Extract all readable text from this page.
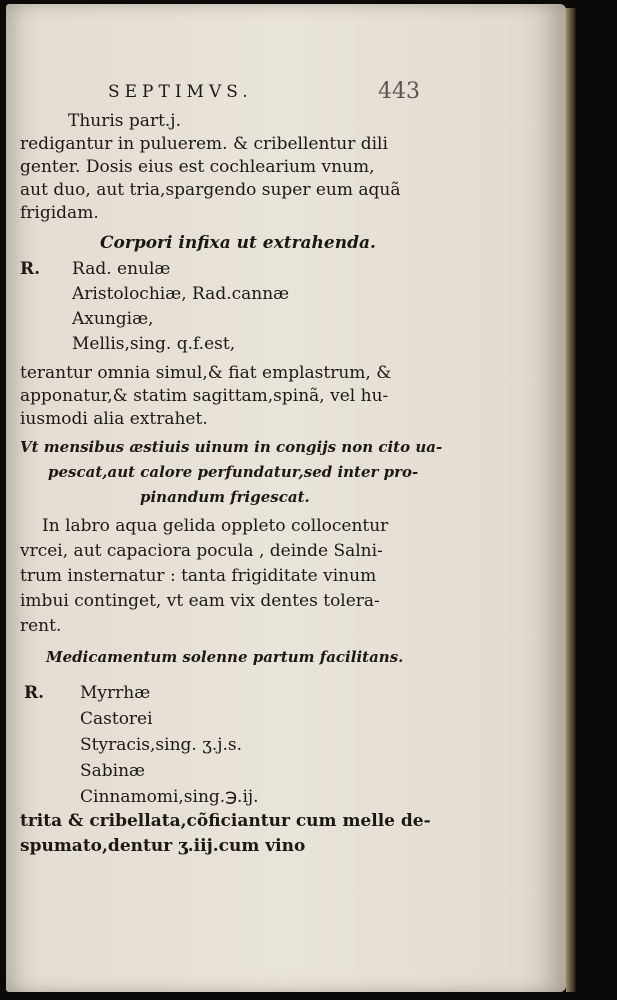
SEPTIMVS.	443
Thuris part.j.
redigantur in puluerem. & cribellentur dili
genter. Dosis eius est cochlearium vnum,
aut duo, aut tria,spargendo super eum aquã
frigidam.
Corpori infixa ut extrahenda.
R. Rad. enulæ
Aristolochiæ, Rad.cannæ
Axungiæ,
Mellis,sing. q.f.est,
terantur omnia simul,& fiat emplastrum, &
apponatur,& statim sagittam,spinã, vel hu-
iusmodi alia extrahet.
Vt mensibus æstiuis uinum in congijs non cito ua-
pescat,aut calore perfundatur,sed inter pro-
pinandum frigescat.
In labro aqua gelida oppleto collocentur
vrcei, aut capaciora pocula , deinde Salni-
trum insternatur : tanta frigiditate vinum
imbui continget, vt eam vix dentes tolera-
rent.
Medicamentum solenne partum facilitans.
R. Myrrhæ
Castorei
Styracis,sing. ʒ.j.s.
Sabinæ
Cinnamomi,sing.℈.ij.
trita & cribellata,cõficiantur cum melle de-
spumato,dentur ʒ.iij.cum vino
